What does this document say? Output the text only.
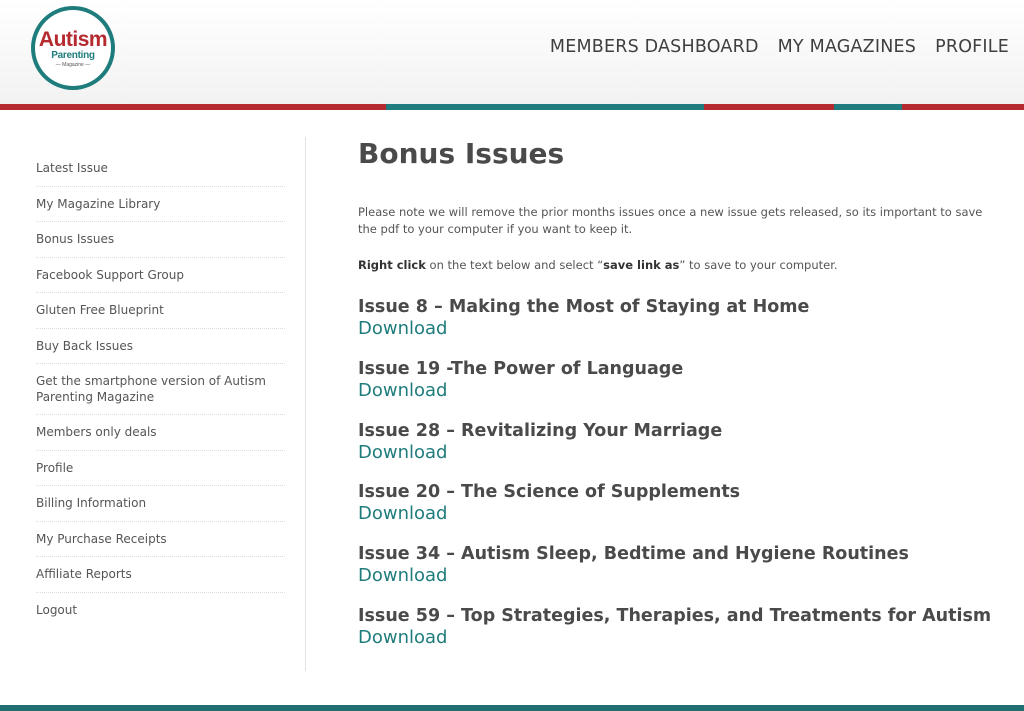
Autism
Parenting
— Magazine —
MEMBERS DASHBOARD MY MAGAZINES PROFILE
Latest Issue
My Magazine Library
Bonus Issues
Facebook Support Group
Gluten Free Blueprint
Buy Back Issues
Get the smartphone version of Autism Parenting Magazine
Members only deals
Profile
Billing Information
My Purchase Receipts
Affiliate Reports
Logout
Bonus Issues

Please note we will remove the prior months issues once a new issue gets released, so its important to save the pdf to your computer if you want to keep it.

Right click on the text below and select “save link as” to save to your computer.

Issue 8 – Making the Most of Staying at Home
Download
Issue 19 -The Power of Language
Download
Issue 28 – Revitalizing Your Marriage
Download
Issue 20 – The Science of Supplements
Download
Issue 34 – Autism Sleep, Bedtime and Hygiene Routines
Download
Issue 59 – Top Strategies, Therapies, and Treatments for Autism
Download
